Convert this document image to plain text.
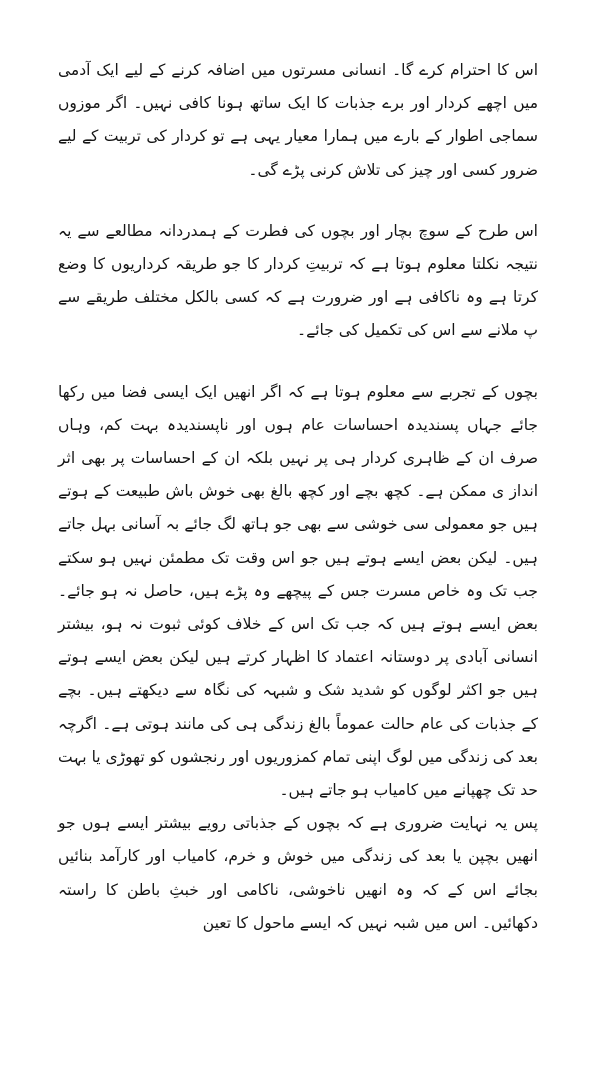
اس کا احترام کرے گا۔ انسانی مسرتوں میں اضافہ کرنے کے لیے ایک آدمی میں اچھے کردار اور برے جذبات کا ایک ساتھ ہونا کافی نہیں۔ اگر موزوں سماجی اطوار کے بارے میں ہمارا معیار یہی ہے تو کردار کی تربیت کے لیے ضرور کسی اور چیز کی تلاش کرنی پڑے گی۔

اس طرح کے سوچ بچار اور بچوں کی فطرت کے ہمدردانہ مطالعے سے یہ نتیجہ نکلتا معلوم ہوتا ہے کہ تربیتِ کردار کا جو طریقہ کرداریوں کا وضع کرتا ہے وہ ناکافی ہے اور ضرورت ہے کہ کسی بالکل مختلف طریقے سے پ ملانے سے اس کی تکمیل کی جائے۔

بچوں کے تجربے سے معلوم ہوتا ہے کہ اگر انھیں ایک ایسی فضا میں رکھا جائے جہاں پسندیدہ احساسات عام ہوں اور ناپسندیدہ بہت کم، وہاں صرف ان کے ظاہری کردار ہی پر نہیں بلکہ ان کے احساسات پر بھی اثر انداز ی ممکن ہے۔ کچھ بچے اور کچھ بالغ بھی خوش باش طبیعت کے ہوتے ہیں جو معمولی سی خوشی سے بھی جو ہاتھ لگ جائے بہ آسانی بہل جاتے ہیں۔ لیکن بعض ایسے ہوتے ہیں جو اس وقت تک مطمئن نہیں ہو سکتے جب تک وہ خاص مسرت جس کے پیچھے وہ پڑے ہیں، حاصل نہ ہو جائے۔ بعض ایسے ہوتے ہیں کہ جب تک اس کے خلاف کوئی ثبوت نہ ہو، بیشتر انسانی آبادی پر دوستانہ اعتماد کا اظہار کرتے ہیں لیکن بعض ایسے ہوتے ہیں جو اکثر لوگوں کو شدید شک و شبہہ کی نگاہ سے دیکھتے ہیں۔ بچے کے جذبات کی عام حالت عموماً بالغ زندگی ہی کی مانند ہوتی ہے۔ اگرچہ بعد کی زندگی میں لوگ اپنی تمام کمزوریوں اور رنجشوں کو تھوڑی یا بہت حد تک چھپانے میں کامیاب ہو جاتے ہیں۔

پس یہ نہایت ضروری ہے کہ بچوں کے جذباتی رویے بیشتر ایسے ہوں جو انھیں بچپن یا بعد کی زندگی میں خوش و خرم، کامیاب اور کارآمد بنائیں بجائے اس کے کہ وہ انھیں ناخوشی، ناکامی اور خبثِ باطن کا راستہ دکھائیں۔ اس میں شبہ نہیں کہ ایسے ماحول کا تعین
